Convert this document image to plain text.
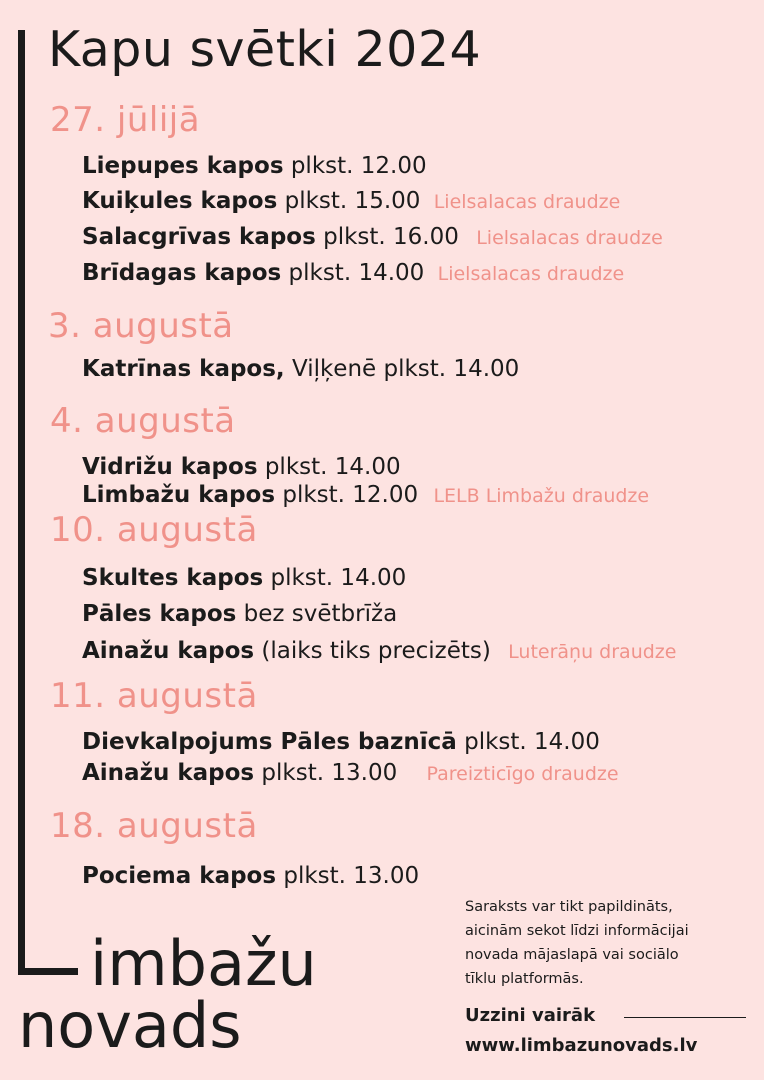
Kapu svētki 2024
27. jūlijā
Liepupes kapos plkst. 12.00
Kuiķules kapos plkst. 15.00 Lielsalacas draudze
Salacgrīvas kapos plkst. 16.00 Lielsalacas draudze
Brīdagas kapos plkst. 14.00 Lielsalacas draudze
3. augustā
Katrīnas kapos, Viļķenē plkst. 14.00
4. augustā
Vidrižu kapos plkst. 14.00
Limbažu kapos plkst. 12.00 LELB Limbažu draudze
10. augustā
Skultes kapos plkst. 14.00
Pāles kapos bez svētbrīža
Ainažu kapos (laiks tiks precizēts) Luterāņu draudze
11. augustā
Dievkalpojums Pāles baznīcā plkst. 14.00
Ainažu kapos plkst. 13.00 Pareizticīgo draudze
18. augustā
Pociema kapos plkst. 13.00
imbažu
novads
Saraksts var tikt papildināts,
aicinām sekot līdzi informācijai
novada mājaslapā vai sociālo
tīklu platformās.
Uzzini vairāk
www.limbazunovads.lv
